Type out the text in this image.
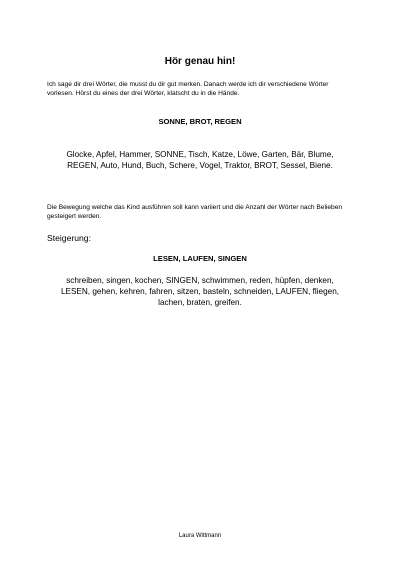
Hör genau hin!
Ich sage dir drei Wörter, die musst du dir gut merken. Danach werde ich dir verschiedene Wörter vorlesen. Hörst du eines der drei Wörter, klatscht du in die Hände.
SONNE, BROT, REGEN
Glocke, Apfel, Hammer, SONNE, Tisch, Katze, Löwe, Garten, Bär, Blume, REGEN, Auto, Hund, Buch, Schere, Vogel, Traktor, BROT, Sessel, Biene.
Die Bewegung welche das Kind ausführen soll kann variiert und die Anzahl der Wörter nach Belieben gesteigert werden.
Steigerung:
LESEN, LAUFEN, SINGEN
schreiben, singen, kochen, SINGEN, schwimmen, reden, hüpfen, denken, LESEN, gehen, kehren, fahren, sitzen, basteln, schneiden, LAUFEN, fliegen, lachen, braten, greifen.
Laura Wittmann
